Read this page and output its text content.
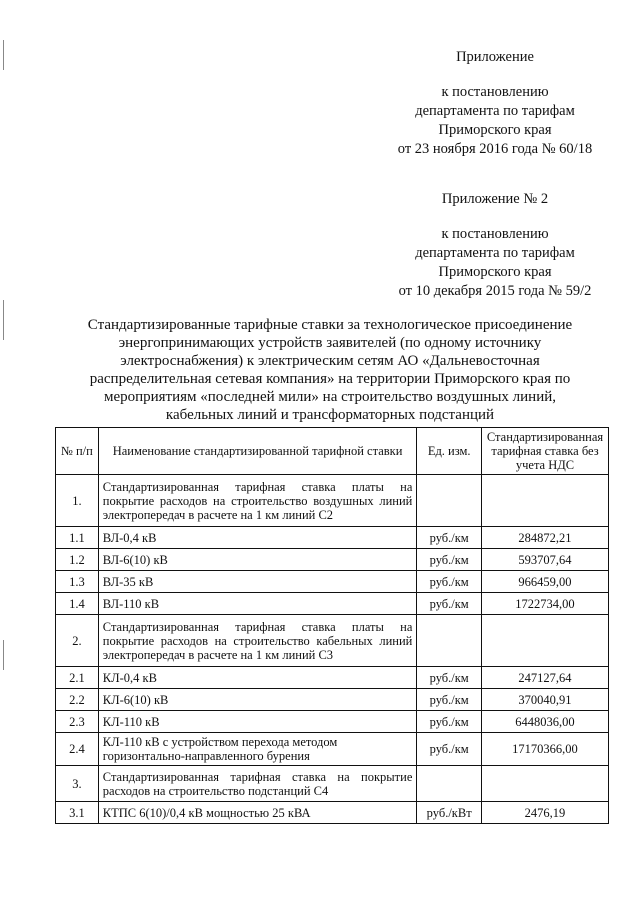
Приложение
к постановлению
департамента по тарифам
Приморского края
от 23 ноября 2016 года № 60/18
Приложение № 2
к постановлению
департамента по тарифам
Приморского края
от 10 декабря 2015 года № 59/2
Стандартизированные тарифные ставки за технологическое присоединение
энергопринимающих устройств заявителей (по одному источнику
электроснабжения) к электрическим сетям АО «Дальневосточная
распределительная сетевая компания» на территории Приморского края по
мероприятиям «последней мили» на строительство воздушных линий,
кабельных линий и трансформаторных подстанций
№ п/п	Наименование стандартизированной тарифной ставки	Ед. изм.	Стандартизированная тарифная ставка без учета НДС
1.	Стандартизированная тарифная ставка платы на покрытие расходов на строительство воздушных линий электропередач в расчете на 1 км линий С2		
1.1	ВЛ-0,4 кВ	руб./км	284872,21
1.2	ВЛ-6(10) кВ	руб./км	593707,64
1.3	ВЛ-35 кВ	руб./км	966459,00
1.4	ВЛ-110 кВ	руб./км	1722734,00
2.	Стандартизированная тарифная ставка платы на покрытие расходов на строительство кабельных линий электропередач в расчете на 1 км линий С3		
2.1	КЛ-0,4 кВ	руб./км	247127,64
2.2	КЛ-6(10) кВ	руб./км	370040,91
2.3	КЛ-110 кВ	руб./км	6448036,00
2.4	КЛ-110 кВ с устройством перехода методом горизонтально-направленного бурения	руб./км	17170366,00
3.	Стандартизированная тарифная ставка на покрытие расходов на строительство подстанций С4		
3.1	КТПС 6(10)/0,4 кВ мощностью 25 кВА	руб./кВт	2476,19
